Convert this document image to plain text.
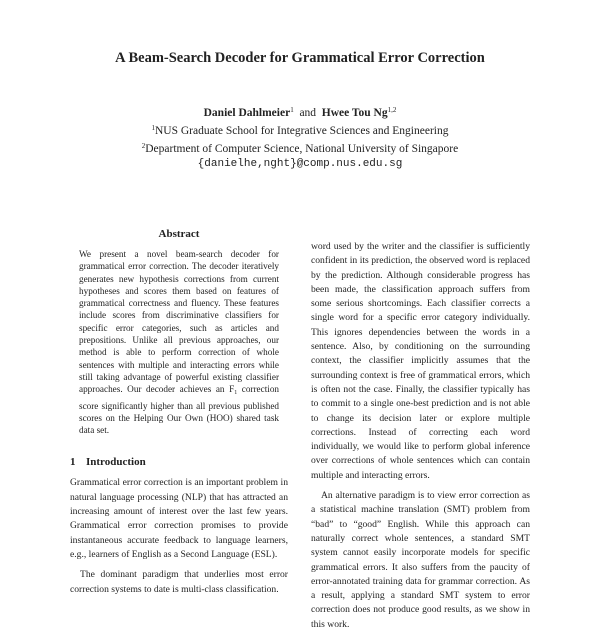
A Beam-Search Decoder for Grammatical Error Correction
Daniel Dahlmeier$^1$ and Hwee Tou Ng$^{1,2}$
$^1$NUS Graduate School for Integrative Sciences and Engineering
$^2$Department of Computer Science, National University of Singapore
{danielhe,nght}@comp.nus.edu.sg
Abstract
We present a novel beam-search decoder for grammatical error correction. The decoder iteratively generates new hypothesis corrections from current hypotheses and scores them based on features of grammatical correctness and fluency. These features include scores from discriminative classifiers for specific error categories, such as articles and prepositions. Unlike all previous approaches, our method is able to perform correction of whole sentences with multiple and interacting errors while still taking advantage of powerful existing classifier approaches. Our decoder achieves an $F_1$ correction score significantly higher than all previous published scores on the Helping Our Own (HOO) shared task data set.
1 Introduction
Grammatical error correction is an important problem in natural language processing (NLP) that has attracted an increasing amount of interest over the last few years. Grammatical error correction promises to provide instantaneous accurate feedback to language learners, e.g., learners of English as a Second Language (ESL).
The dominant paradigm that underlies most error correction systems to date is multi-class classification.
word used by the writer and the classifier is sufficiently confident in its prediction, the observed word is replaced by the prediction. Although considerable progress has been made, the classification approach suffers from some serious shortcomings. Each classifier corrects a single word for a specific error category individually. This ignores dependencies between the words in a sentence. Also, by conditioning on the surrounding context, the classifier implicitly assumes that the surrounding context is free of grammatical errors, which is often not the case. Finally, the classifier typically has to commit to a single one-best prediction and is not able to change its decision later or explore multiple corrections. Instead of correcting each word individually, we would like to perform global inference over corrections of whole sentences which can contain multiple and interacting errors.
An alternative paradigm is to view error correction as a statistical machine translation (SMT) problem from “bad” to “good” English. While this approach can naturally correct whole sentences, a standard SMT system cannot easily incorporate models for specific grammatical errors. It also suffers from the paucity of error-annotated training data for grammar correction. As a result, applying a standard SMT system to error correction does not produce good results, as we show in this work.
